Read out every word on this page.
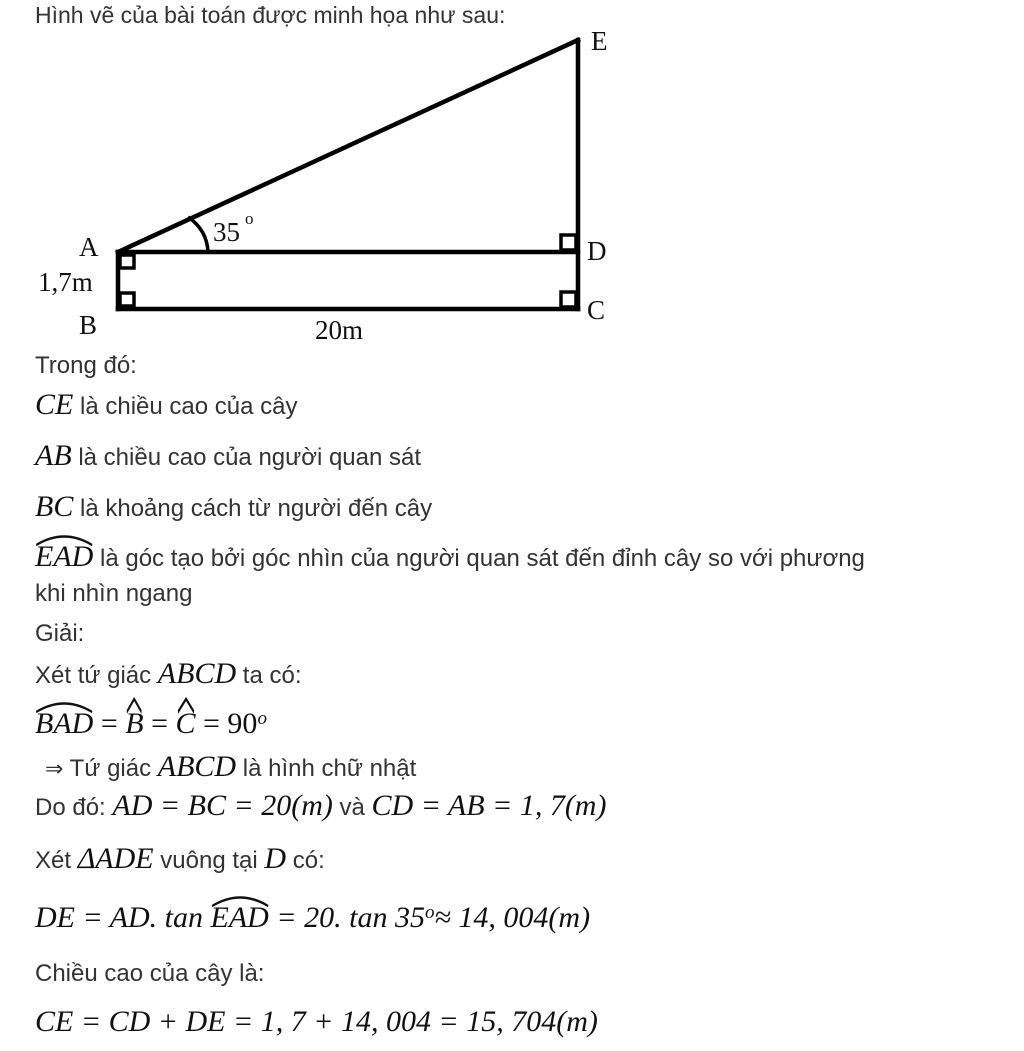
Hình vẽ của bài toán được minh họa như sau:
E
A	D
B	C
1,7m
20m
35 o
Trong đó:
CE là chiều cao của cây
AB là chiều cao của người quan sát
BC là khoảng cách từ người đến cây
EAD
là góc tạo bởi góc nhìn của người quan sát đến đỉnh cây so với phương
khi nhìn ngang
Giải:
Xét tứ giác ABCD ta có:
BAD
= B
= C
= $90^o$
⇒ Tứ giác ABCD là hình chữ nhật
Do đó: AD = BC = 20(m) và CD = AB = 1, 7(m)
Xét ΔADE vuông tại D có:
DE = AD. tan EAD
= 20. $\tan 35^o\approx 14$, 004(m)
Chiều cao của cây là:
CE = CD + DE = 1, 7 + 14, 004 = 15, 704(m)
